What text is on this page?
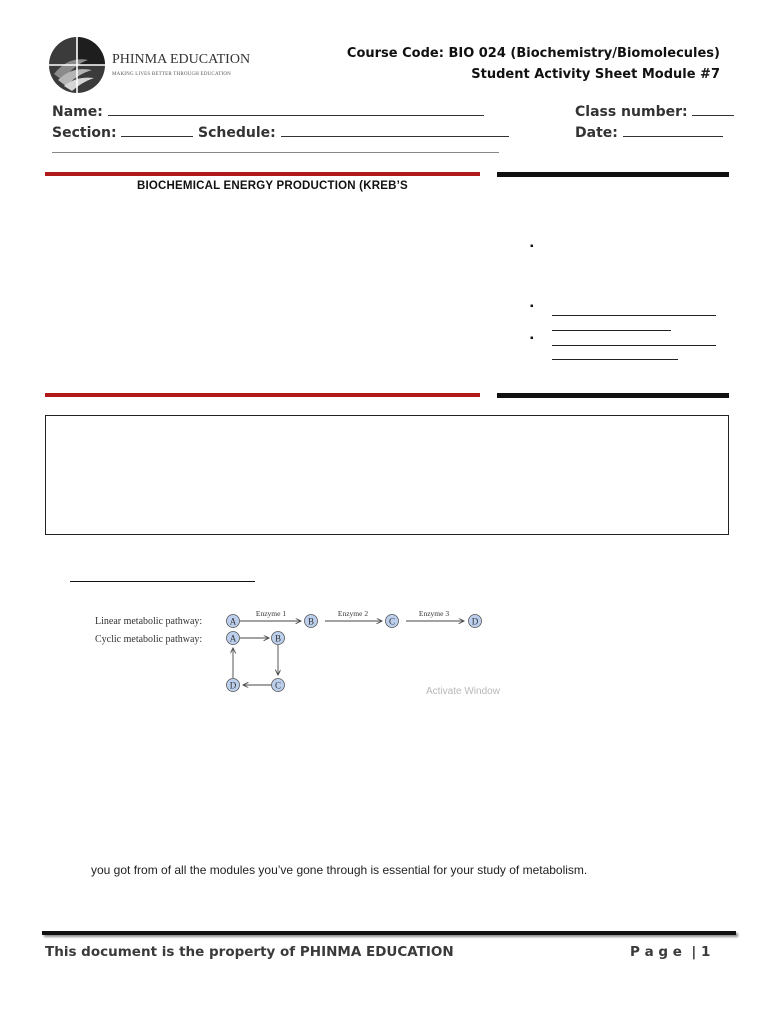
PHINMA EDUCATION
MAKING LIVES BETTER THROUGH EDUCATION
Course Code: BIO 024 (Biochemistry/Biomolecules)
Student Activity Sheet Module #7
Name:	Class number:
Section:	Schedule:	Date:
BIOCHEMICAL ENERGY PRODUCTION (KREB’S
▪
▪
▪
Linear metabolic pathway:
Cyclic metabolic pathway:
A
Enzyme 1
B
Enzyme 2
C
Enzyme 3
D
A	B
C
D
Activate Window
you got from of all the modules you’ve gone through is essential for your study of metabolism.
This document is the property of PHINMA EDUCATION	P a g e  | 1
